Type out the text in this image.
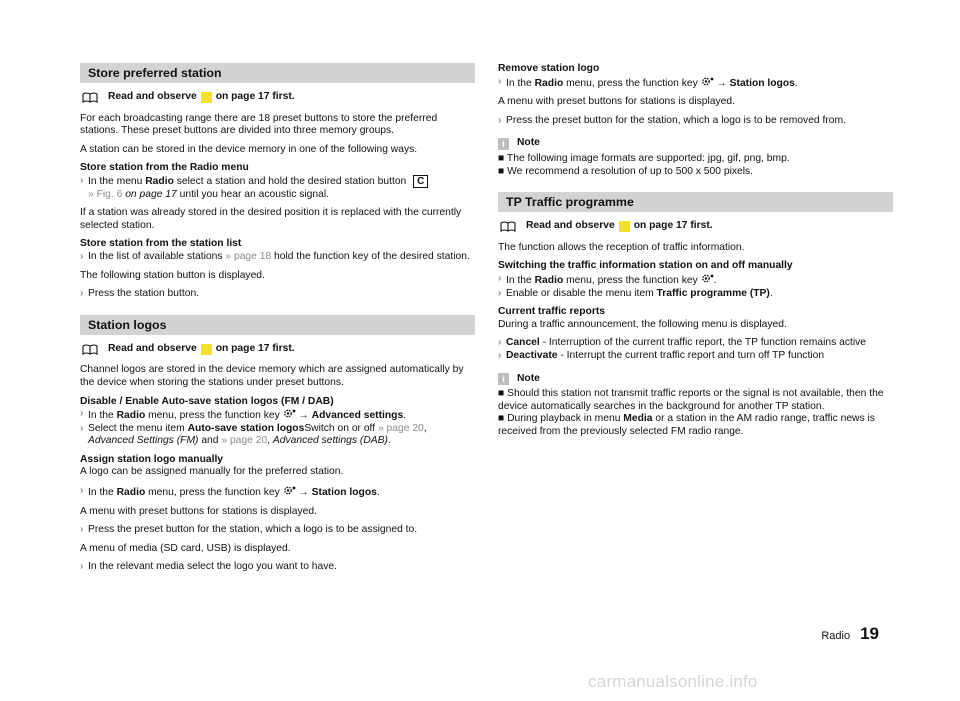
Store preferred station
Read and observe on page 17 first.

For each broadcasting range there are 18 preset buttons to store the preferred stations. These preset buttons are divided into three memory groups.

A station can be stored in the device memory in one of the following ways.

Store station from the Radio menu
› In the menu Radio select a station and hold the desired station button C
» Fig. 6 on page 17 until you hear an acoustic signal.

If a station was already stored in the desired position it is replaced with the currently selected station.

Store station from the station list
› In the list of available stations » page 18 hold the function key of the desired station.

The following station button is displayed.

› Press the station button.
Station logos
Read and observe on page 17 first.

Channel logos are stored in the device memory which are assigned automatically by the device when storing the stations under preset buttons.

Disable / Enable Auto-save station logos (FM / DAB)
› In the Radio menu, press the function key  → Advanced settings.
› Select the menu item Auto-save station logosSwitch on or off » page 20,
Advanced Settings (FM) and » page 20, Advanced settings (DAB).
Assign station logo manually

A logo can be assigned manually for the preferred station.

› In the Radio menu, press the function key  → Station logos.

A menu with preset buttons for stations is displayed.

› Press the preset button for the station, which a logo is to be assigned to.

A menu of media (SD card, USB) is displayed.

› In the relevant media select the logo you want to have.
Remove station logo
› In the Radio menu, press the function key  → Station logos.

A menu with preset buttons for stations is displayed.

› Press the preset button for the station, which a logo is to be removed from.
i	Note
■ The following image formats are supported: jpg, gif, png, bmp.
■ We recommend a resolution of up to 500 x 500 pixels.
TP Traffic programme
Read and observe on page 17 first.

The function allows the reception of traffic information.

Switching the traffic information station on and off manually
› In the Radio menu, press the function key .
› Enable or disable the menu item Traffic programme (TP).
Current traffic reports

During a traffic announcement, the following menu is displayed.

› Cancel - Interruption of the current traffic report, the TP function remains active
› Deactivate - Interrupt the current traffic report and turn off TP function
i	Note
■ Should this station not transmit traffic reports or the signal is not available, then the device automatically searches in the background for another TP station.
■ During playback in menu Media or a station in the AM radio range, traffic news is received from the previously selected FM radio range.
Radio 19
carmanualsonline.info
